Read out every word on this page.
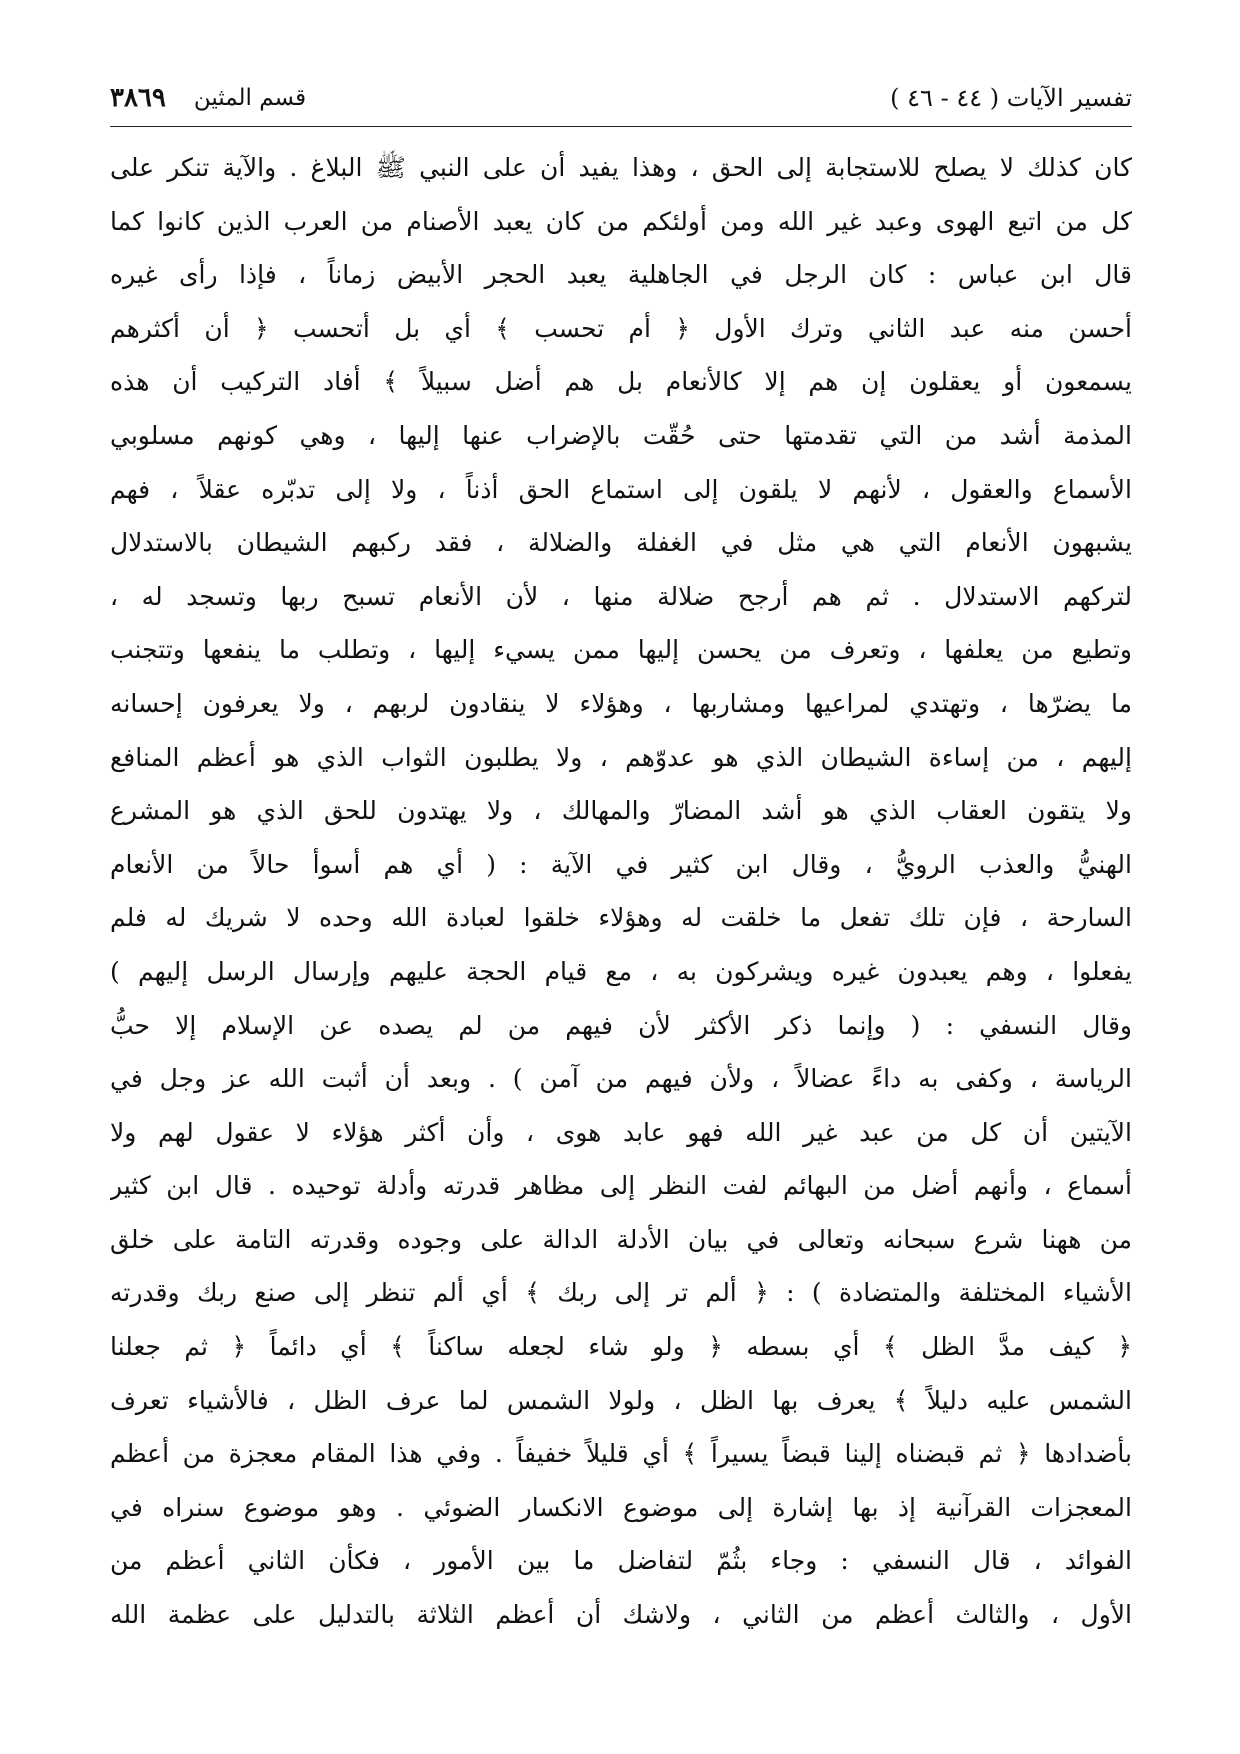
تفسير الآيات ( ٤٤ - ٤٦ )
قسم المثين
٣٨٦٩
كان كذلك لا يصلح للاستجابة إلى الحق ، وهذا يفيد أن على النبي ﷺ البلاغ . والآية تنكر على
كل من اتبع الهوى وعبد غير الله ومن أولئكم من كان يعبد الأصنام من العرب الذين كانوا كما
قال ابن عباس : كان الرجل في الجاهلية يعبد الحجر الأبيض زماناً ، فإذا رأى غيره
أحسن منه عبد الثاني وترك الأول ﴿ أم تحسب ﴾ أي بل أتحسب ﴿ أن أكثرهم
يسمعون أو يعقلون إن هم إلا كالأنعام بل هم أضل سبيلاً ﴾ أفاد التركيب أن هذه
المذمة أشد من التي تقدمتها حتى حُقّت بالإضراب عنها إليها ، وهي كونهم مسلوبي
الأسماع والعقول ، لأنهم لا يلقون إلى استماع الحق أذناً ، ولا إلى تدبّره عقلاً ، فهم
يشبهون الأنعام التي هي مثل في الغفلة والضلالة ، فقد ركبهم الشيطان بالاستدلال
لتركهم الاستدلال . ثم هم أرجح ضلالة منها ، لأن الأنعام تسبح ربها وتسجد له ،
وتطيع من يعلفها ، وتعرف من يحسن إليها ممن يسيء إليها ، وتطلب ما ينفعها وتتجنب
ما يضرّها ، وتهتدي لمراعيها ومشاربها ، وهؤلاء لا ينقادون لربهم ، ولا يعرفون إحسانه
إليهم ، من إساءة الشيطان الذي هو عدوّهم ، ولا يطلبون الثواب الذي هو أعظم المنافع
ولا يتقون العقاب الذي هو أشد المضارّ والمهالك ، ولا يهتدون للحق الذي هو المشرع
الهنيُّ والعذب الرويُّ ، وقال ابن كثير في الآية : ( أي هم أسوأ حالاً من الأنعام
السارحة ، فإن تلك تفعل ما خلقت له وهؤلاء خلقوا لعبادة الله وحده لا شريك له فلم
يفعلوا ، وهم يعبدون غيره ويشركون به ، مع قيام الحجة عليهم وإرسال الرسل إليهم )
وقال النسفي : ( وإنما ذكر الأكثر لأن فيهم من لم يصده عن الإسلام إلا حبُّ
الرياسة ، وكفى به داءً عضالاً ، ولأن فيهم من آمن ) . وبعد أن أثبت الله عز وجل في
الآيتين أن كل من عبد غير الله فهو عابد هوى ، وأن أكثر هؤلاء لا عقول لهم ولا
أسماع ، وأنهم أضل من البهائم لفت النظر إلى مظاهر قدرته وأدلة توحيده . قال ابن كثير
من ههنا شرع سبحانه وتعالى في بيان الأدلة الدالة على وجوده وقدرته التامة على خلق
الأشياء المختلفة والمتضادة ) : ﴿ ألم تر إلى ربك ﴾ أي ألم تنظر إلى صنع ربك وقدرته
﴿ كيف مدَّ الظل ﴾ أي بسطه ﴿ ولو شاء لجعله ساكناً ﴾ أي دائماً ﴿ ثم جعلنا
الشمس عليه دليلاً ﴾ يعرف بها الظل ، ولولا الشمس لما عرف الظل ، فالأشياء تعرف
بأضدادها ﴿ ثم قبضناه إلينا قبضاً يسيراً ﴾ أي قليلاً خفيفاً . وفي هذا المقام معجزة من أعظم
المعجزات القرآنية إذ بها إشارة إلى موضوع الانكسار الضوئي . وهو موضوع سنراه في
الفوائد ، قال النسفي : وجاء بثُمّ لتفاضل ما بين الأمور ، فكأن الثاني أعظم من
الأول ، والثالث أعظم من الثاني ، ولاشك أن أعظم الثلاثة بالتدليل على عظمة الله
